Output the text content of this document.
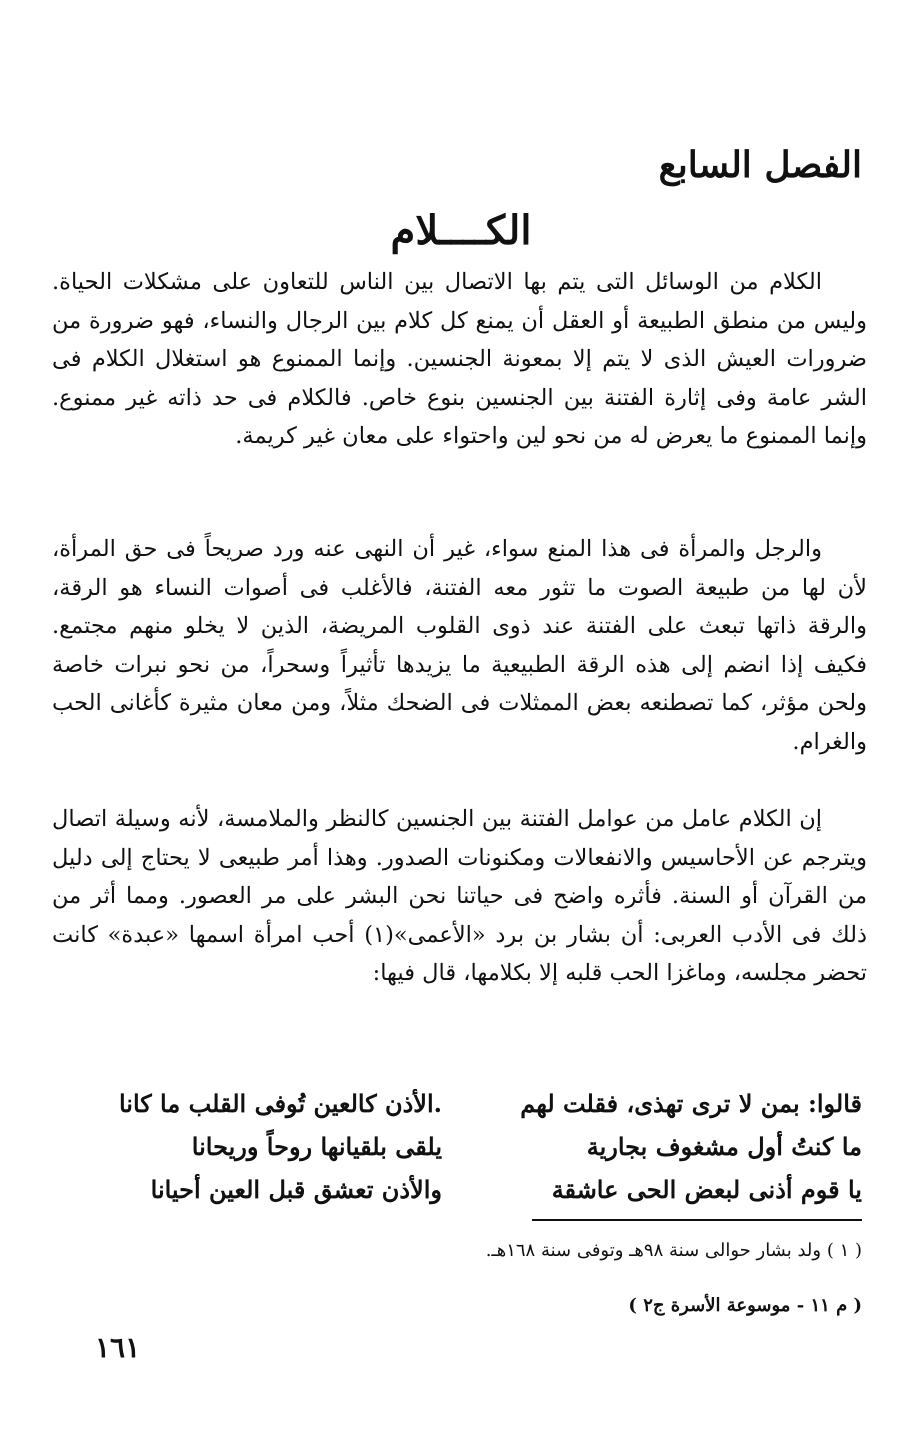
الفصل السابع
الكــــلام

الكلام من الوسائل التى يتم بها الاتصال بين الناس للتعاون على مشكلات الحياة. وليس من منطق الطبيعة أو العقل أن يمنع كل كلام بين الرجال والنساء، فهو ضرورة من ضرورات العيش الذى لا يتم إلا بمعونة الجنسين. وإنما الممنوع هو استغلال الكلام فى الشر عامة وفى إثارة الفتنة بين الجنسين بنوع خاص. فالكلام فى حد ذاته غير ممنوع. وإنما الممنوع ما يعرض له من نحو لين واحتواء على معان غير كريمة.

والرجل والمرأة فى هذا المنع سواء، غير أن النهى عنه ورد صريحاً فى حق المرأة، لأن لها من طبيعة الصوت ما تثور معه الفتنة، فالأغلب فى أصوات النساء هو الرقة، والرقة ذاتها تبعث على الفتنة عند ذوى القلوب المريضة، الذين لا يخلو منهم مجتمع. فكيف إذا انضم إلى هذه الرقة الطبيعية ما يزيدها تأثيراً وسحراً، من نحو نبرات خاصة ولحن مؤثر، كما تصطنعه بعض الممثلات فى الضحك مثلاً، ومن معان مثيرة كأغانى الحب والغرام.

إن الكلام عامل من عوامل الفتنة بين الجنسين كالنظر والملامسة، لأنه وسيلة اتصال ويترجم عن الأحاسيس والانفعالات ومكنونات الصدور. وهذا أمر طبيعى لا يحتاج إلى دليل من القرآن أو السنة. فأثره واضح فى حياتنا نحن البشر على مر العصور. ومما أثر من ذلك فى الأدب العربى: أن بشار بن برد «الأعمى»(١) أحب امرأة اسمها «عبدة» كانت تحضر مجلسه، وماغزا الحب قلبه إلا بكلامها، قال فيها:

قالوا: بمن لا ترى تهذى، فقلت لهم
.الأذن كالعين تُوفى القلب ما كانا
ما كنتُ أول مشغوف بجارية
يلقى بلقيانها روحاً وريحانا
يا قوم أذنى لبعض الحى عاشقة
والأذن تعشق قبل العين أحيانا
( ١ ) ولد بشار حوالى سنة ٩٨هـ وتوفى سنة ١٦٨هـ.
( م ١١ - موسوعة الأسرة ج٢ )
١٦١
